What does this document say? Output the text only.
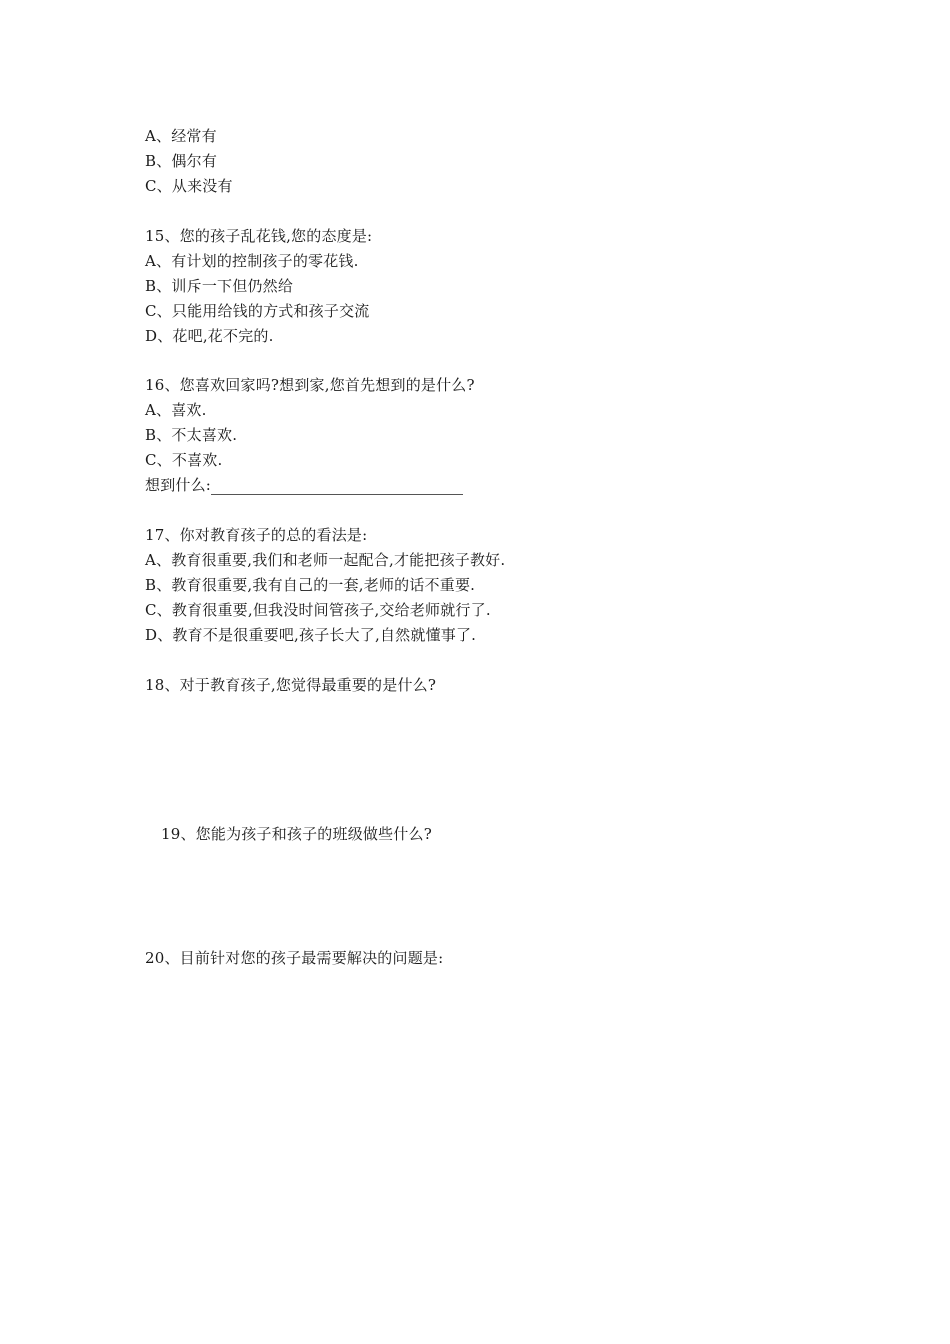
A、经常有
B、偶尔有
C、从来没有
15、您的孩子乱花钱,您的态度是:
A、有计划的控制孩子的零花钱.
B、训斥一下但仍然给
C、只能用给钱的方式和孩子交流
D、花吧,花不完的.
16、您喜欢回家吗?想到家,您首先想到的是什么?
A、喜欢.
B、不太喜欢.
C、不喜欢.
想到什么:
17、你对教育孩子的总的看法是:
A、教育很重要,我们和老师一起配合,才能把孩子教好.
B、教育很重要,我有自己的一套,老师的话不重要.
C、教育很重要,但我没时间管孩子,交给老师就行了.
D、教育不是很重要吧,孩子长大了,自然就懂事了.
18、对于教育孩子,您觉得最重要的是什么?
19、您能为孩子和孩子的班级做些什么?
20、目前针对您的孩子最需要解决的问题是:
